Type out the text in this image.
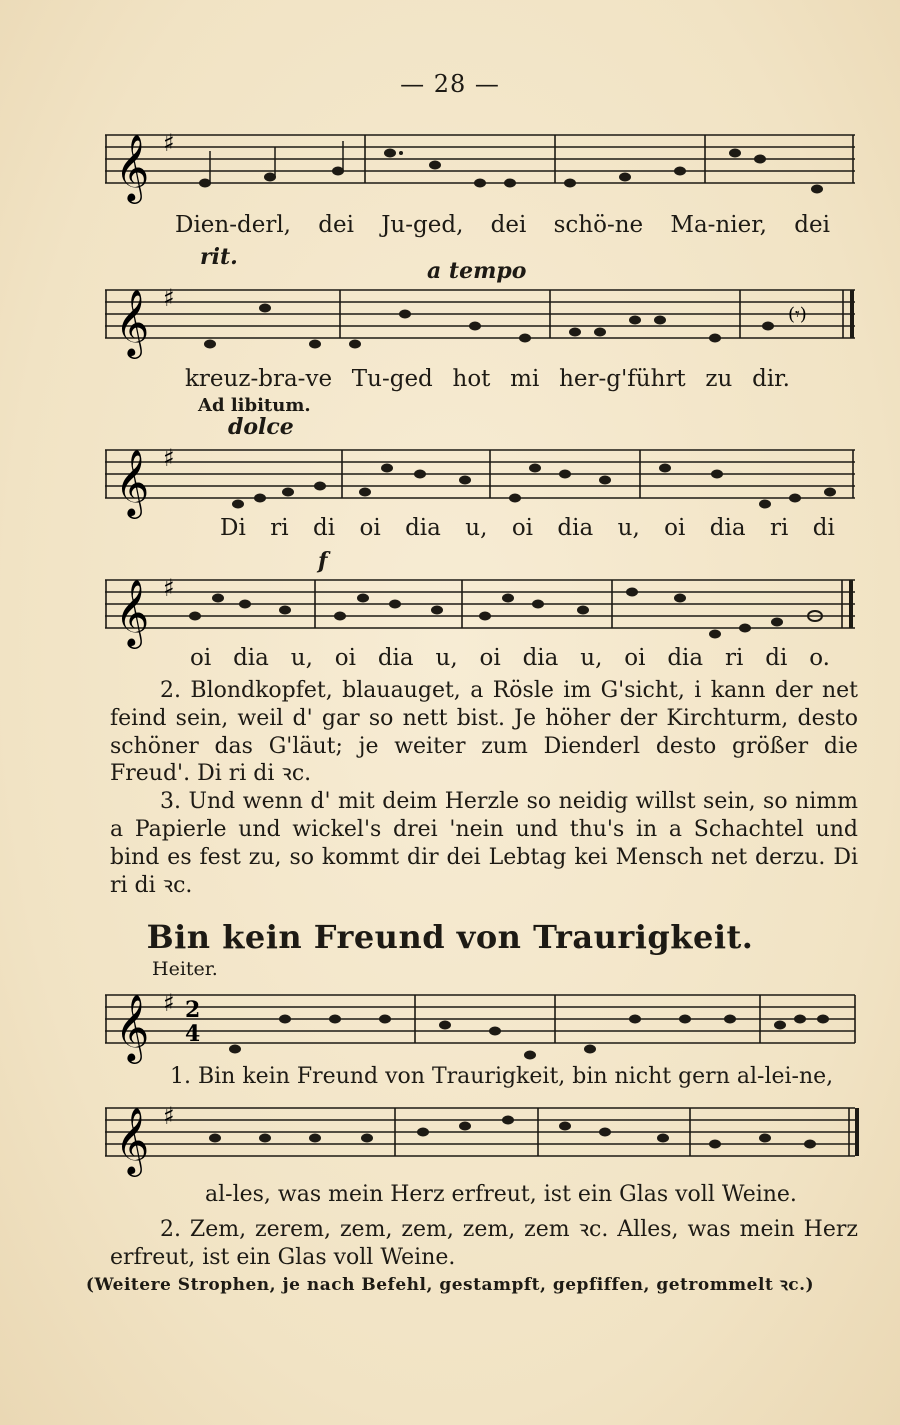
— 28 —
𝄞 ♯
Dien-derl, dei Ju-ged, dei schö-ne Ma-nier, dei
rit.
a tempo
𝄞 ♯
(𝄾)
kreuz-bra-ve Tu-ged hot mi her-g'führt zu dir.
Ad libitum.
dolce
𝄞 ♯
Di ri di oi dia u, oi dia u, oi dia ri di
f
𝄞 ♯
oi dia u, oi dia u, oi dia u, oi dia ri di o.

2. Blondkopfet, blauauget, a Rösle im G'sicht, i kann der net feind sein, weil d' gar so nett bist. Je höher der Kirchturm, desto schöner das G'läut; je weiter zum Dienderl desto größer die Freud'. Di ri di ꝛc.

3. Und wenn d' mit deim Herzle so neidig willst sein, so nimm a Papierle und wickel's drei 'nein und thu's in a Schachtel und bind es fest zu, so kommt dir dei Lebtag kei Mensch net derzu. Di ri di ꝛc.

Bin kein Freund von Traurigkeit.
Heiter.
𝄞 ♯ 2
4
1. Bin kein Freund von Traurigkeit, bin nicht gern al-lei-ne,
𝄞 ♯
al-les, was mein Herz erfreut, ist ein Glas voll Weine.

2. Zem, zerem, zem, zem, zem, zem ꝛc. Alles, was mein Herz erfreut, ist ein Glas voll Weine.

(Weitere Strophen, je nach Befehl, gestampft, gepfiffen, getrommelt ꝛc.)
